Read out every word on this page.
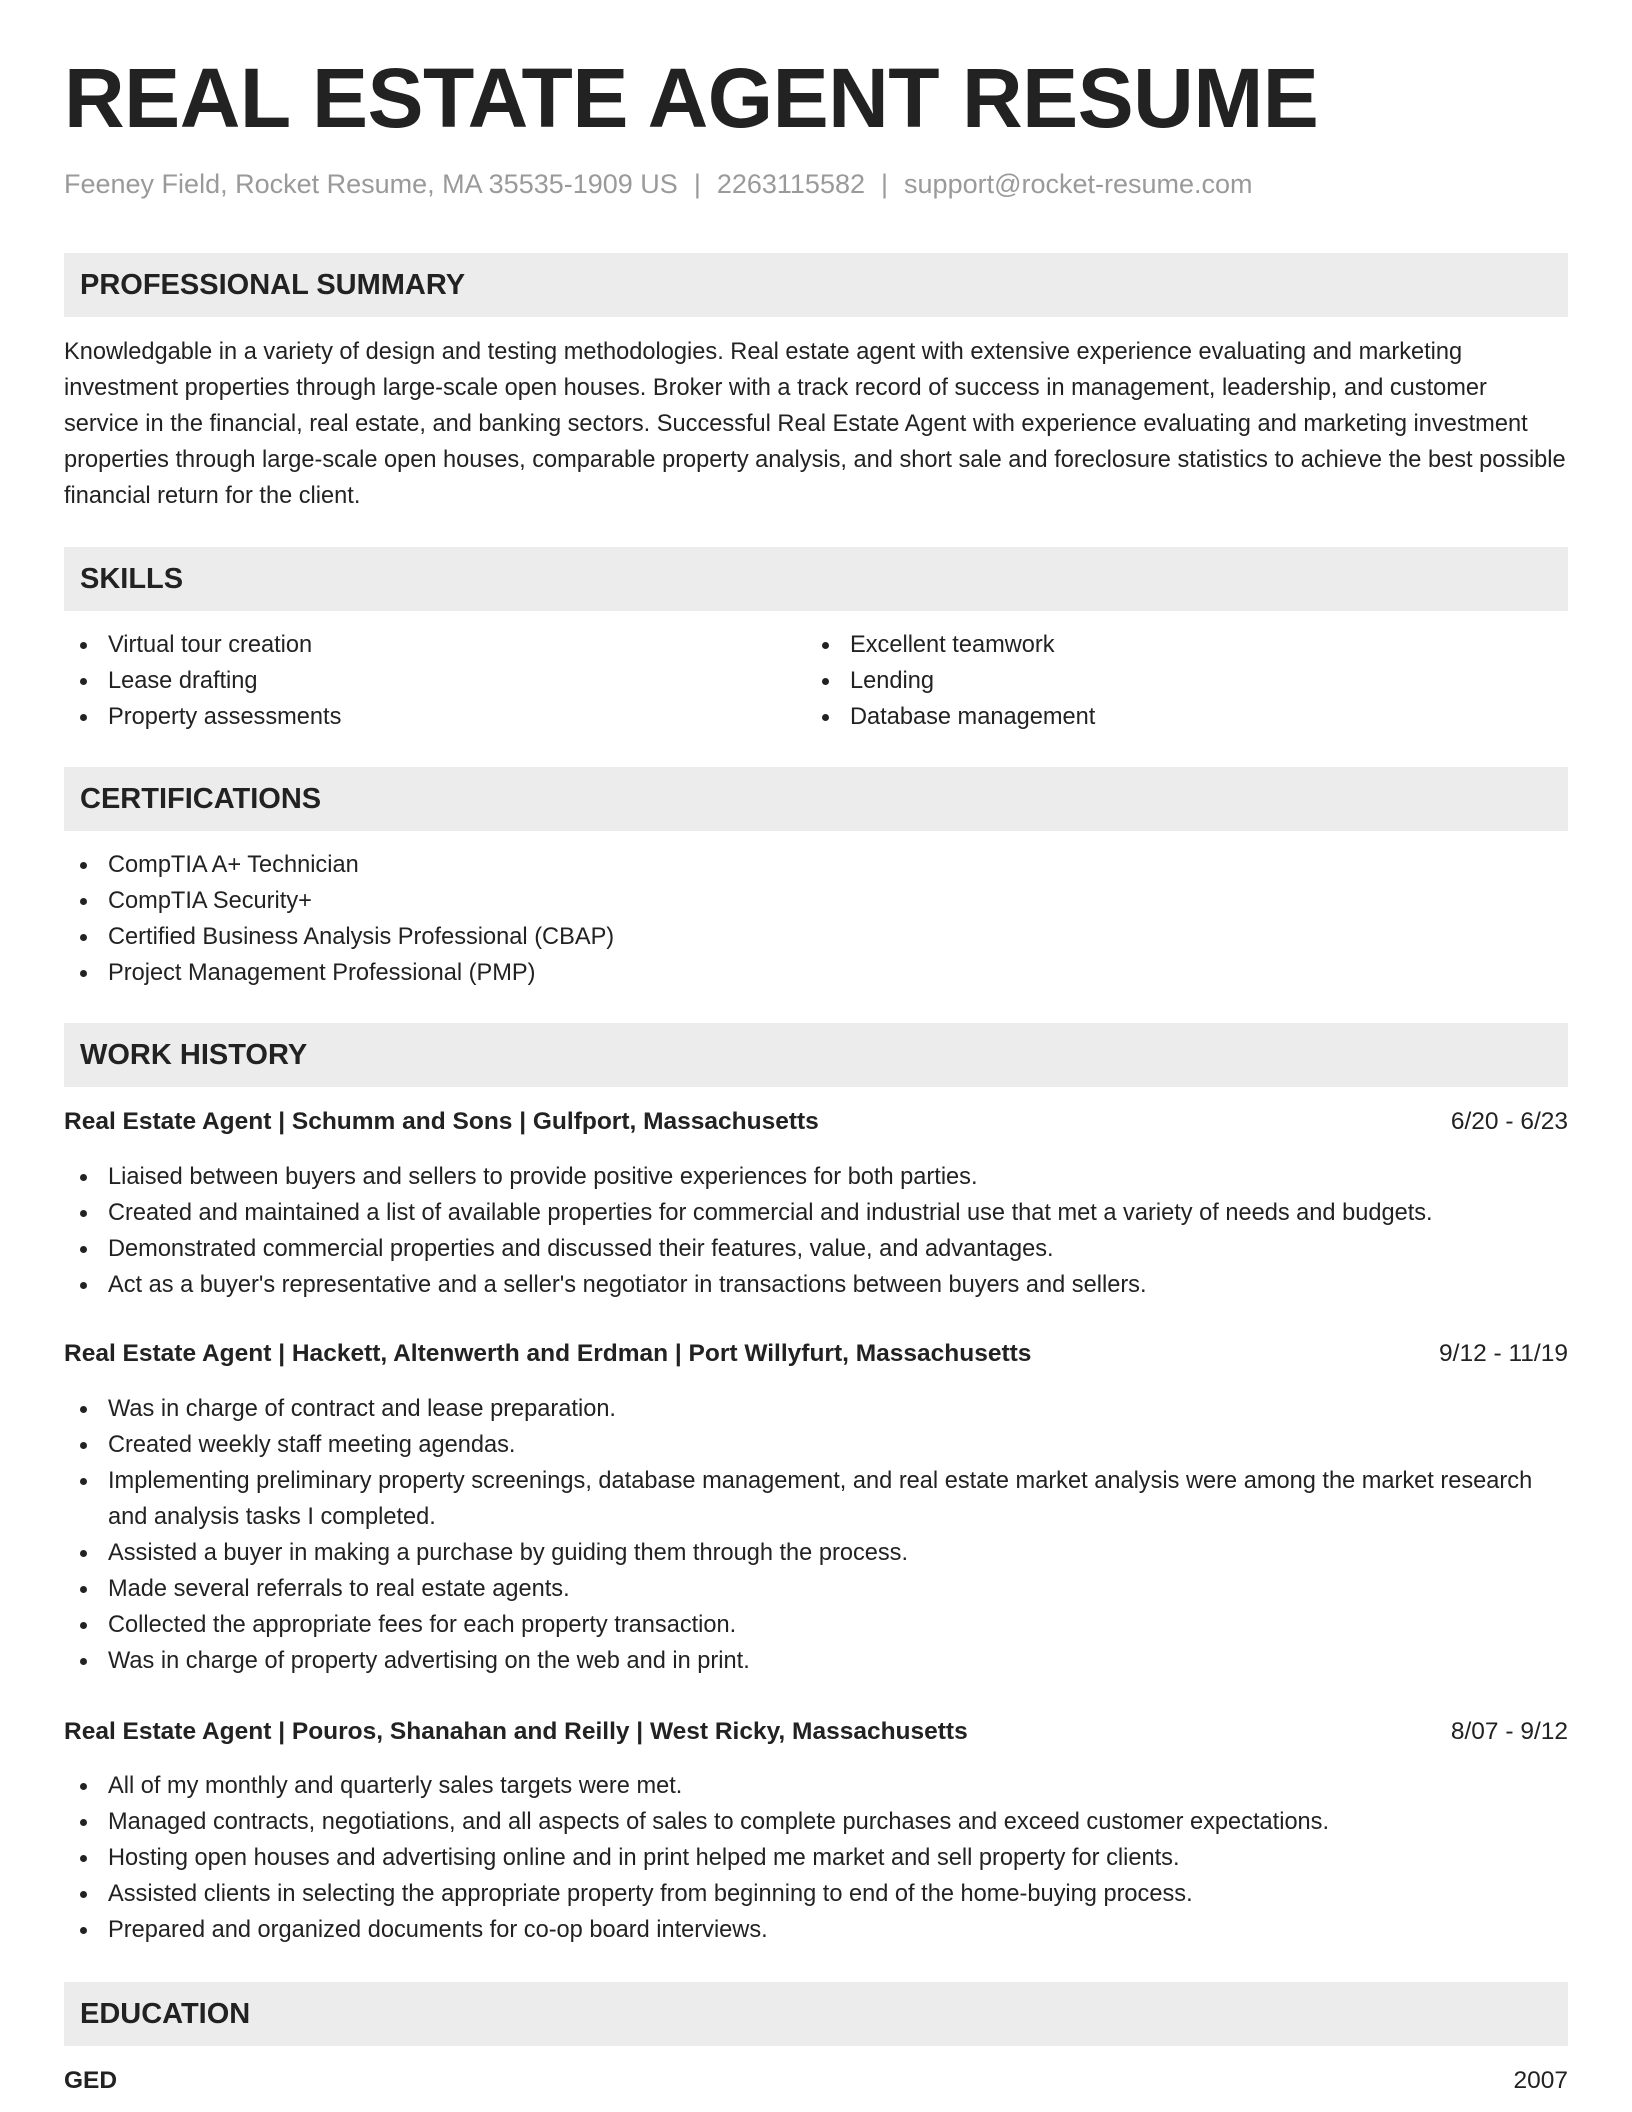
REAL ESTATE AGENT RESUME
Feeney Field, Rocket Resume, MA 35535-1909 US | 2263115582 | support@rocket-resume.com
PROFESSIONAL SUMMARY

Knowledgable in a variety of design and testing methodologies. Real estate agent with extensive experience evaluating and marketing investment properties through large-scale open houses. Broker with a track record of success in management, leadership, and customer service in the financial, real estate, and banking sectors. Successful Real Estate Agent with experience evaluating and marketing investment properties through large-scale open houses, comparable property analysis, and short sale and foreclosure statistics to achieve the best possible financial return for the client.

SKILLS
Virtual tour creation
Lease drafting
Property assessments
Excellent teamwork
Lending
Database management
CERTIFICATIONS
CompTIA A+ Technician
CompTIA Security+
Certified Business Analysis Professional (CBAP)
Project Management Professional (PMP)
WORK HISTORY
Real Estate Agent | Schumm and Sons | Gulfport, Massachusetts	6/20 - 6/23
Liaised between buyers and sellers to provide positive experiences for both parties.
Created and maintained a list of available properties for commercial and industrial use that met a variety of needs and budgets.
Demonstrated commercial properties and discussed their features, value, and advantages.
Act as a buyer's representative and a seller's negotiator in transactions between buyers and sellers.
Real Estate Agent | Hackett, Altenwerth and Erdman | Port Willyfurt, Massachusetts	9/12 - 11/19
Was in charge of contract and lease preparation.
Created weekly staff meeting agendas.
Implementing preliminary property screenings, database management, and real estate market analysis were among the market research and analysis tasks I completed.
Assisted a buyer in making a purchase by guiding them through the process.
Made several referrals to real estate agents.
Collected the appropriate fees for each property transaction.
Was in charge of property advertising on the web and in print.
Real Estate Agent | Pouros, Shanahan and Reilly | West Ricky, Massachusetts	8/07 - 9/12
All of my monthly and quarterly sales targets were met.
Managed contracts, negotiations, and all aspects of sales to complete purchases and exceed customer expectations.
Hosting open houses and advertising online and in print helped me market and sell property for clients.
Assisted clients in selecting the appropriate property from beginning to end of the home-buying process.
Prepared and organized documents for co-op board interviews.
EDUCATION
GED	2007
